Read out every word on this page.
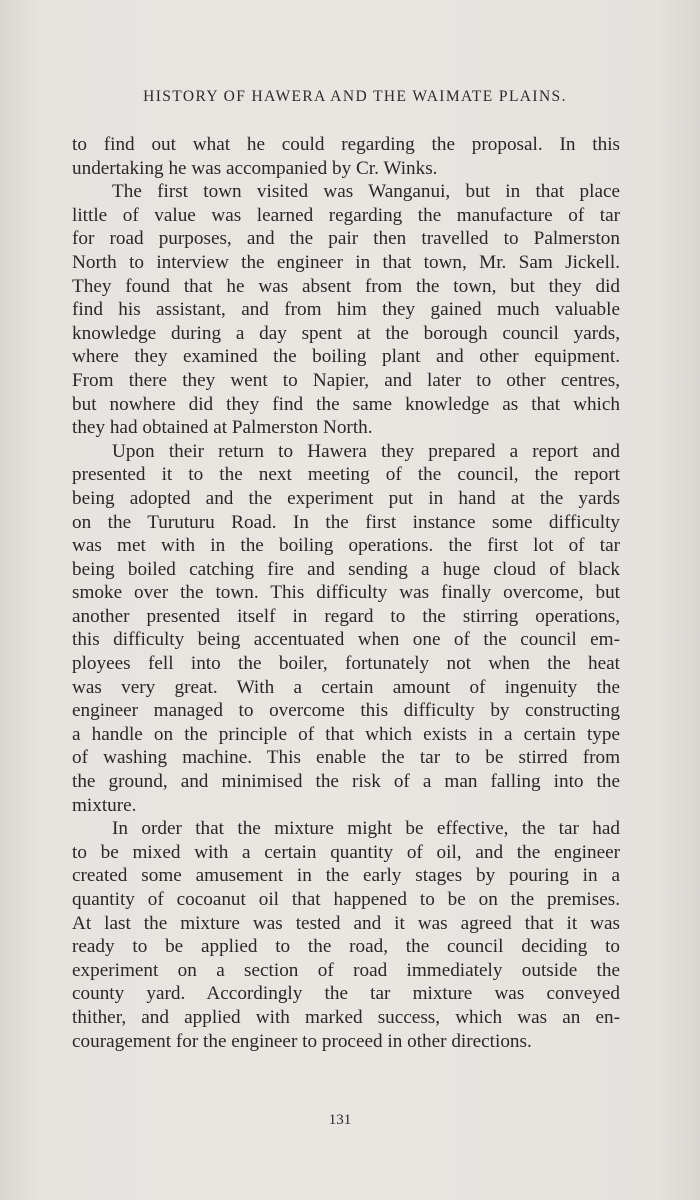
HISTORY OF HAWERA AND THE WAIMATE PLAINS.
to find out what he could regarding the proposal. In this
undertaking he was accompanied by Cr. Winks.
The first town visited was Wanganui, but in that place
little of value was learned regarding the manufacture of tar
for road purposes, and the pair then travelled to Palmerston
North to interview the engineer in that town, Mr. Sam Jickell.
They found that he was absent from the town, but they did
find his assistant, and from him they gained much valuable
knowledge during a day spent at the borough council yards,
where they examined the boiling plant and other equipment.
From there they went to Napier, and later to other centres,
but nowhere did they find the same knowledge as that which
they had obtained at Palmerston North.
Upon their return to Hawera they prepared a report and
presented it to the next meeting of the council, the report
being adopted and the experiment put in hand at the yards
on the Turuturu Road. In the first instance some difficulty
was met with in the boiling operations. the first lot of tar
being boiled catching fire and sending a huge cloud of black
smoke over the town. This difficulty was finally overcome, but
another presented itself in regard to the stirring operations,
this difficulty being accentuated when one of the council em-
ployees fell into the boiler, fortunately not when the heat
was very great. With a certain amount of ingenuity the
engineer managed to overcome this difficulty by constructing
a handle on the principle of that which exists in a certain type
of washing machine. This enable the tar to be stirred from
the ground, and minimised the risk of a man falling into the
mixture.
In order that the mixture might be effective, the tar had
to be mixed with a certain quantity of oil, and the engineer
created some amusement in the early stages by pouring in a
quantity of cocoanut oil that happened to be on the premises.
At last the mixture was tested and it was agreed that it was
ready to be applied to the road, the council deciding to
experiment on a section of road immediately outside the
county yard. Accordingly the tar mixture was conveyed
thither, and applied with marked success, which was an en-
couragement for the engineer to proceed in other directions.
131
